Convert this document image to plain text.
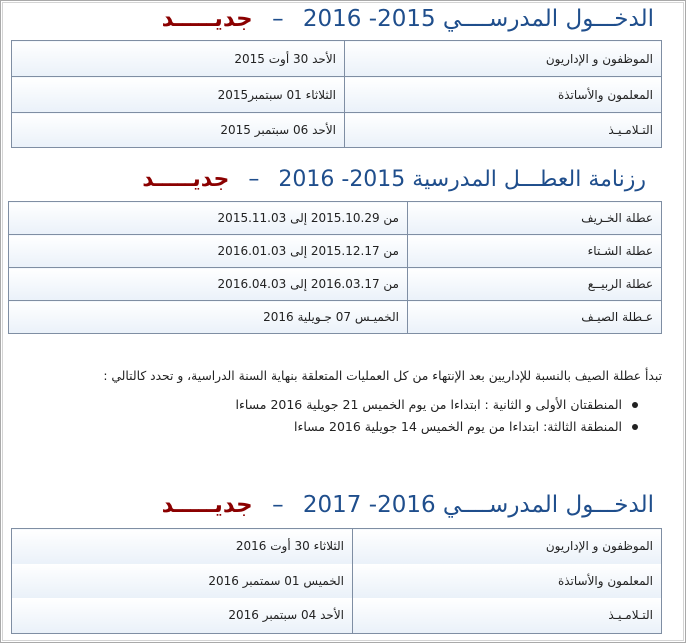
الدخـــول المدرســــي 2015- 2016 – جديـــــد
الموظفون و الإداريون	الأحد 30 أوت 2015
المعلمون والأساتذة	الثلاثاء 01 سبتمبر2015
التـلامـيـذ	الأحد 06 سبتمبر 2015
رزنامة العطـــل المدرسية 2015- 2016 – جديـــــد
عطلة الخـريف	من 2015.10.29 إلى 2015.11.03
عطلة الشـتاء	من 2015.12.17 إلى 2016.01.03
عطلة الربيــع	من 2016.03.17 إلى 2016.04.03
عـطلة الصيـف	الخميـس 07 جـويلية 2016
تبدأ عطلة الصيف بالنسبة للإداريين بعد الإنتهاء من كل العمليات المتعلقة بنهاية السنة الدراسية، و تحدد كالتالي :
المنطقتان الأولى و الثانية : ابتداءا من يوم الخميس 21 جويلية 2016 مساءا
المنطقة الثالثة: ابتداءا من يوم الخميس 14 جويلية 2016 مساءا
الدخـــول المدرســــي 2016- 2017 – جديـــــد
الموظفون و الإداريون	الثلاثاء 30 أوت 2016
المعلمون والأساتذة	الخميس 01 سمتمبر 2016
التـلامـيـذ	الأحد 04 سبتمبر 2016
